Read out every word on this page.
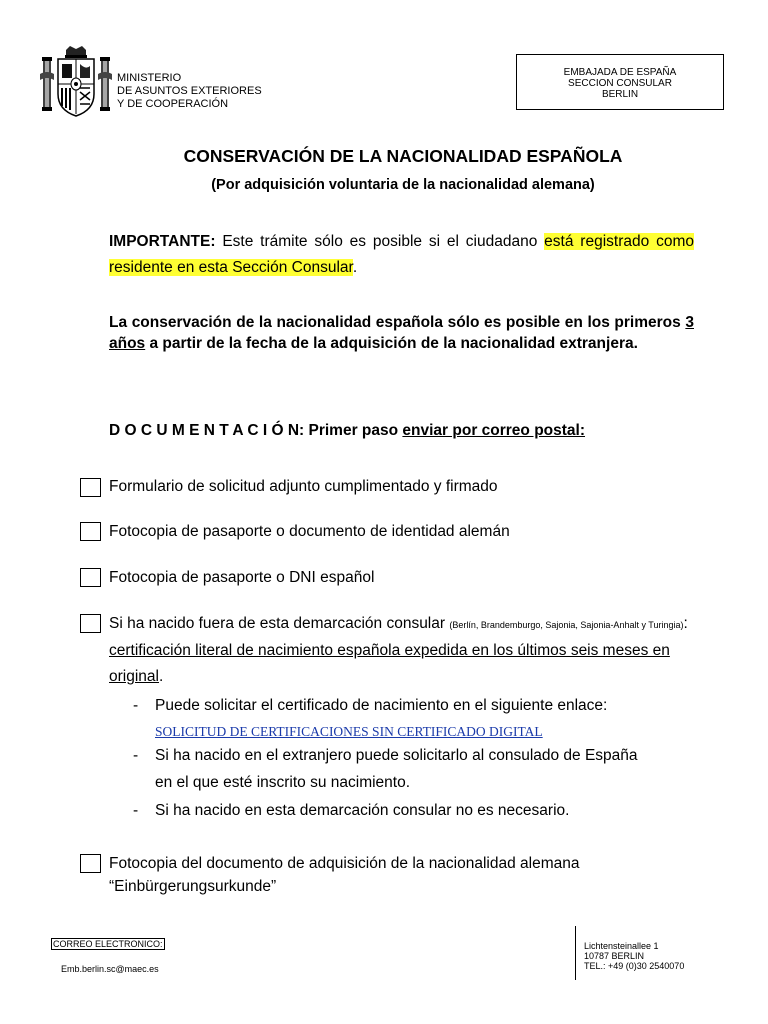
MINISTERIO
DE ASUNTOS EXTERIORES
Y DE COOPERACIÓN
EMBAJADA DE ESPAÑA
SECCION CONSULAR
BERLIN
CONSERVACIÓN DE LA NACIONALIDAD ESPAÑOLA
(Por adquisición voluntaria de la nacionalidad alemana)
IMPORTANTE: Este trámite sólo es posible si el ciudadano está registrado como residente en esta Sección Consular.
La conservación de la nacionalidad española sólo es posible en los primeros 3 años a partir de la fecha de la adquisición de la nacionalidad extranjera.
D O C U M E N T A C I Ó N: Primer paso enviar por correo postal:
Formulario de solicitud adjunto cumplimentado y firmado
Fotocopia de pasaporte o documento de identidad alemán
Fotocopia de pasaporte o DNI español
Si ha nacido fuera de esta demarcación consular (Berlín, Brandemburgo, Sajonia, Sajonia-Anhalt y Turingia): certificación literal de nacimiento española expedida en los últimos seis meses en original.
- Puede solicitar el certificado de nacimiento en el siguiente enlace:
SOLICITUD DE CERTIFICACIONES SIN CERTIFICADO DIGITAL
- Si ha nacido en el extranjero puede solicitarlo al consulado de España
en el que esté inscrito su nacimiento.
- Si ha nacido en esta demarcación consular no es necesario.
Fotocopia del documento de adquisición de la nacionalidad alemana
“Einbürgerungsurkunde”
CORREO ELECTRONICO:
Emb.berlin.sc@maec.es
Lichtensteinallee 1
10787 BERLIN
TEL.: +49 (0)30 2540070
